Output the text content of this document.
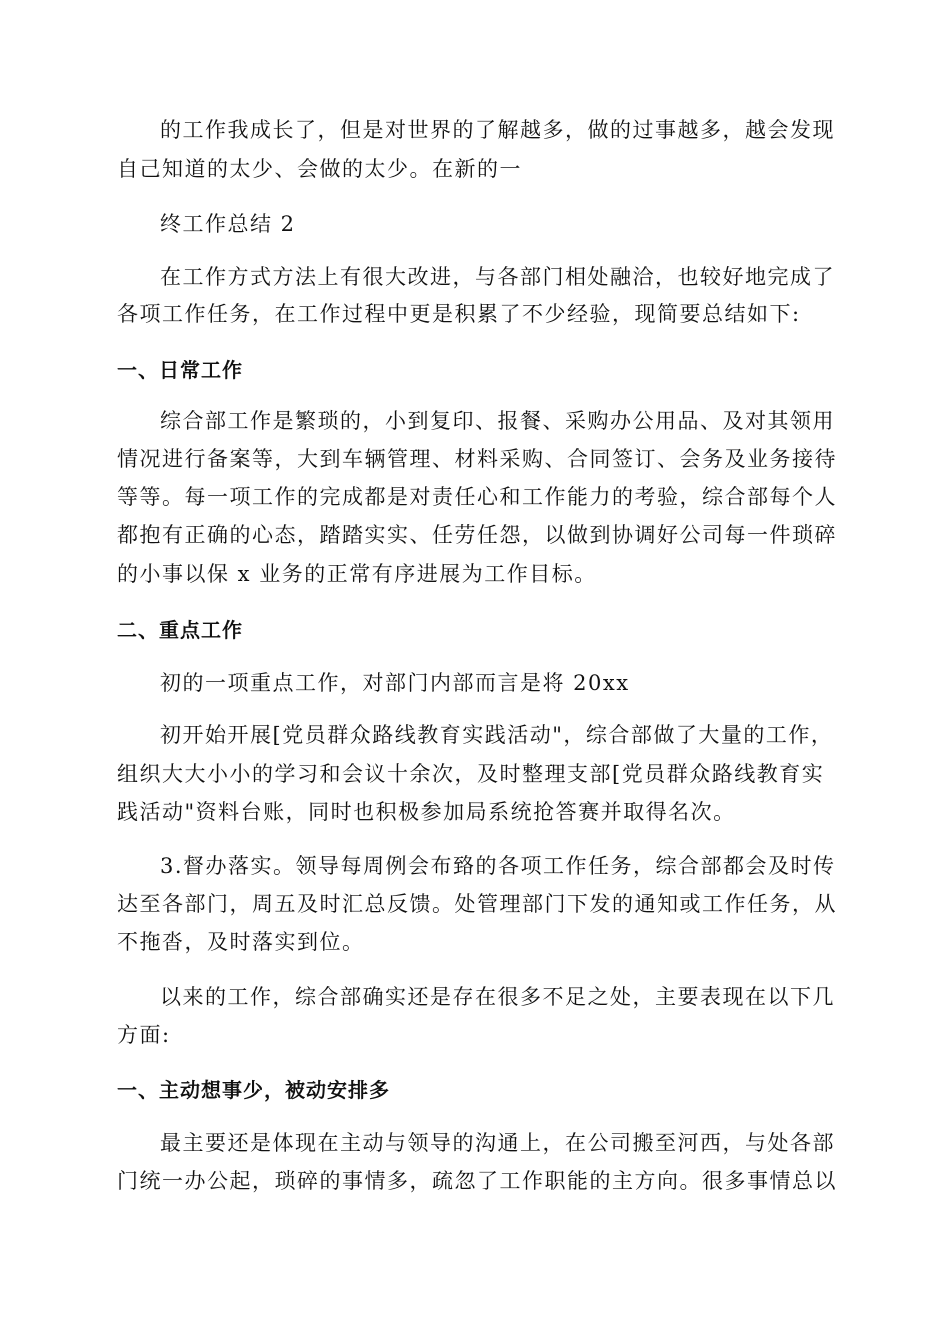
的工作我成长了，但是对世界的了解越多，做的过事越多，越会发现
自己知道的太少、会做的太少。在新的一
终工作总结 2
在工作方式方法上有很大改进，与各部门相处融洽，也较好地完成了
各项工作任务，在工作过程中更是积累了不少经验，现简要总结如下:
一、日常工作
综合部工作是繁琐的，小到复印、报餐、采购办公用品、及对其领用
情况进行备案等，大到车辆管理、材料采购、合同签订、会务及业务接待
等等。每一项工作的完成都是对责任心和工作能力的考验，综合部每个人
都抱有正确的心态，踏踏实实、任劳任怨，以做到协调好公司每一件琐碎
的小事以保 x 业务的正常有序进展为工作目标。
二、重点工作
初的一项重点工作，对部门内部而言是将 20xx
初开始开展[党员群众路线教育实践活动"，综合部做了大量的工作，
组织大大小小的学习和会议十余次，及时整理支部[党员群众路线教育实
践活动"资料台账，同时也积极参加局系统抢答赛并取得名次。
3.督办落实。领导每周例会布臵的各项工作任务，综合部都会及时传
达至各部门，周五及时汇总反馈。处管理部门下发的通知或工作任务，从
不拖沓，及时落实到位。
以来的工作，综合部确实还是存在很多不足之处，主要表现在以下几
方面:
一、主动想事少，被动安排多
最主要还是体现在主动与领导的沟通上，在公司搬至河西，与处各部
门统一办公起，琐碎的事情多，疏忽了工作职能的主方向。很多事情总以
